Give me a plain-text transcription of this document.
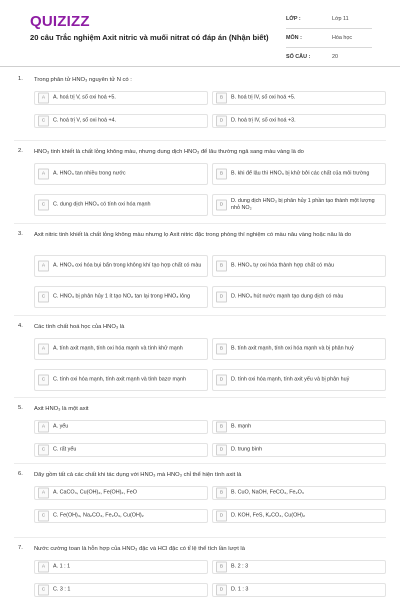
QUIZIZZ
20 câu Trắc nghiệm Axit nitric và muối nitrat có đáp án (Nhận biết)
LỚP :	Lớp 11
MÔN :	Hóa học
SỐ CÂU :	20
1. Trong phân tử HNO₃ nguyên tử N có :
A	A. hoá trị V, số oxi hoá +5.	B	B. hoá trị IV, số oxi hoá +5.
C	C. hoá trị V, số oxi hoá +4.	D	D. hoá trị IV, số oxi hoá +3.
2. HNO₃ tinh khiết là chất lỏng không màu, nhưng dung dịch HNO₃ để lâu thường ngả sang màu vàng là do
A	A. HNO₃ tan nhiều trong nước	B	B. khi để lâu thì HNO₃ bị khử bởi các chất của môi trường
C	C. dung dịch HNO₃ có tính oxi hóa mạnh	D
D. dung dịch HNO₃ bị phân hủy 1 phần tạo thành một lượng nhỏ NO₂
3. Axit nitric tinh khiết là chất lỏng không màu nhưng lọ Axit nitric đặc trong phòng thí nghiệm có màu nâu vàng hoặc nâu là do
A	A. HNO₃ oxi hóa bụi bẩn trong không khí tạo hợp chất có màu	B	B. HNO₃ tự oxi hóa thành hợp chất có màu
C	C. HNO₃ bị phân hủy 1 ít tạo NO₂ tan lại trong HNO₃ lỏng	D	D. HNO₃ hút nước mạnh tạo dung dịch có màu
4. Các tính chất hoá học của HNO₃ là
A	A. tính axit mạnh, tính oxi hóa mạnh và tính khử mạnh	B	B. tính axit mạnh, tính oxi hóa mạnh và bị phân huỷ
C	C. tính oxi hóa mạnh, tính axit mạnh và tính bazơ mạnh	D	D. tính oxi hóa mạnh, tính axit yếu và bị phân huỷ
5. Axit HNO₃ là một axit
A	A. yếu	B	B. mạnh
C	C. rất yếu	D	D. trung bình
6. Dãy gồm tất cả các chất khi tác dụng với HNO₃ mà HNO₃ chỉ thể hiện tính axit là
A	A. CaCO₃, Cu(OH)₂, Fe(OH)₂, FeO	B	B. CuO, NaOH, FeCO₃, Fe₂O₃
C	C. Fe(OH)₃, Na₂CO₃, Fe₂O₃, Cu(OH)₂	D	D. KOH, FeS, K₂CO₃, Cu(OH)₂
7. Nước cường toan là hỗn hợp của HNO₃ đặc và HCl đặc có tỉ lệ thể tích lần lượt là
A	A. 1 : 1	B	B. 2 : 3
C	C. 3 : 1	D	D. 1 : 3
